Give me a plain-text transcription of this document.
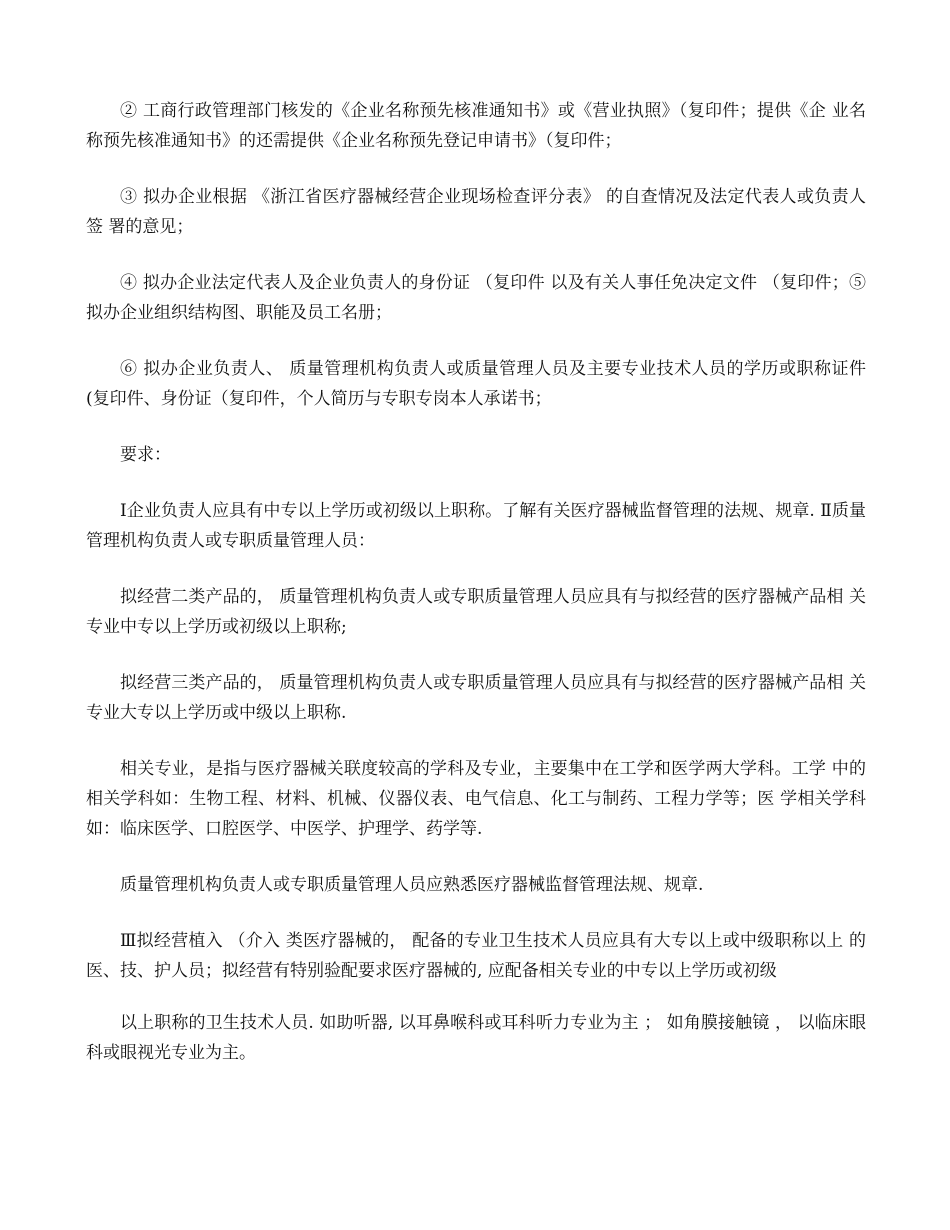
② 工商行政管理部门核发的《企业名称预先核准通知书》或《营业执照》（复印件；提供《企 业名称预先核准通知书》的还需提供《企业名称预先登记申请书》（复印件；

③ 拟办企业根据 《浙江省医疗器械经营企业现场检查评分表》 的自查情况及法定代表人或负责人 签 署的意见；

④ 拟办企业法定代表人及企业负责人的身份证 （复印件 以及有关人事任免决定文件 （复印件；⑤ 拟办企业组织结构图、职能及员工名册；

⑥ 拟办企业负责人、 质量管理机构负责人或质量管理人员及主要专业技术人员的学历或职称证件 (复印件、身份证（复印件，个人简历与专职专岗本人承诺书；

要求：

Ⅰ企业负责人应具有中专以上学历或初级以上职称。了解有关医疗器械监督管理的法规、规章. Ⅱ质量管理机构负责人或专职质量管理人员：

拟经营二类产品的， 质量管理机构负责人或专职质量管理人员应具有与拟经营的医疗器械产品相 关专业中专以上学历或初级以上职称;

拟经营三类产品的， 质量管理机构负责人或专职质量管理人员应具有与拟经营的医疗器械产品相 关专业大专以上学历或中级以上职称.

相关专业，是指与医疗器械关联度较高的学科及专业，主要集中在工学和医学两大学科。工学 中的相关学科如：生物工程、材料、机械、仪器仪表、电气信息、化工与制药、工程力学等；医 学相关学科如：临床医学、口腔医学、中医学、护理学、药学等.

质量管理机构负责人或专职质量管理人员应熟悉医疗器械监督管理法规、规章.

Ⅲ拟经营植入 （介入 类医疗器械的， 配备的专业卫生技术人员应具有大专以上或中级职称以上 的医、技、护人员；拟经营有特别验配要求医疗器械的, 应配备相关专业的中专以上学历或初级

以上职称的卫生技术人员. 如助听器, 以耳鼻喉科或耳科听力专业为主 ； 如角膜接触镜 ， 以临床眼 科或眼视光专业为主。
